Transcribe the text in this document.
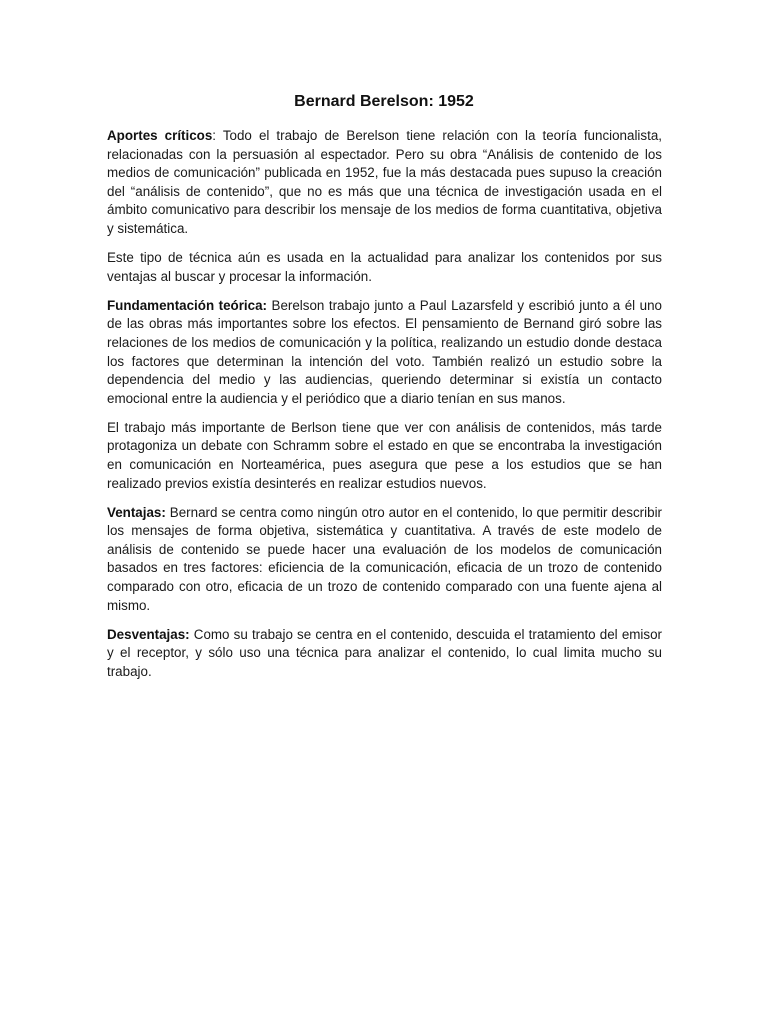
Bernard Berelson: 1952

Aportes críticos: Todo el trabajo de Berelson tiene relación con la teoría funcionalista, relacionadas con la persuasión al espectador. Pero su obra “Análisis de contenido de los medios de comunicación” publicada en 1952, fue la más destacada pues supuso la creación del “análisis de contenido”, que no es más que una técnica de investigación usada en el ámbito comunicativo para describir los mensaje de los medios de forma cuantitativa, objetiva y sistemática.

Este tipo de técnica aún es usada en la actualidad para analizar los contenidos por sus ventajas al buscar y procesar la información.

Fundamentación teórica: Berelson trabajo junto a Paul Lazarsfeld y escribió junto a él uno de las obras más importantes sobre los efectos. El pensamiento de Bernand giró sobre las relaciones de los medios de comunicación y la política, realizando un estudio donde destaca los factores que determinan la intención del voto. También realizó un estudio sobre la dependencia del medio y las audiencias, queriendo determinar si existía un contacto emocional entre la audiencia y el periódico que a diario tenían en sus manos.

El trabajo más importante de Berlson tiene que ver con análisis de contenidos, más tarde protagoniza un debate con Schramm sobre el estado en que se encontraba la investigación en comunicación en Norteamérica, pues asegura que pese a los estudios que se han realizado previos existía desinterés en realizar estudios nuevos.

Ventajas: Bernard se centra como ningún otro autor en el contenido, lo que permitir describir los mensajes de forma objetiva, sistemática y cuantitativa. A través de este modelo de análisis de contenido se puede hacer una evaluación de los modelos de comunicación basados en tres factores: eficiencia de la comunicación, eficacia de un trozo de contenido comparado con otro, eficacia de un trozo de contenido comparado con una fuente ajena al mismo.

Desventajas: Como su trabajo se centra en el contenido, descuida el tratamiento del emisor y el receptor, y sólo uso una técnica para analizar el contenido, lo cual limita mucho su trabajo.
